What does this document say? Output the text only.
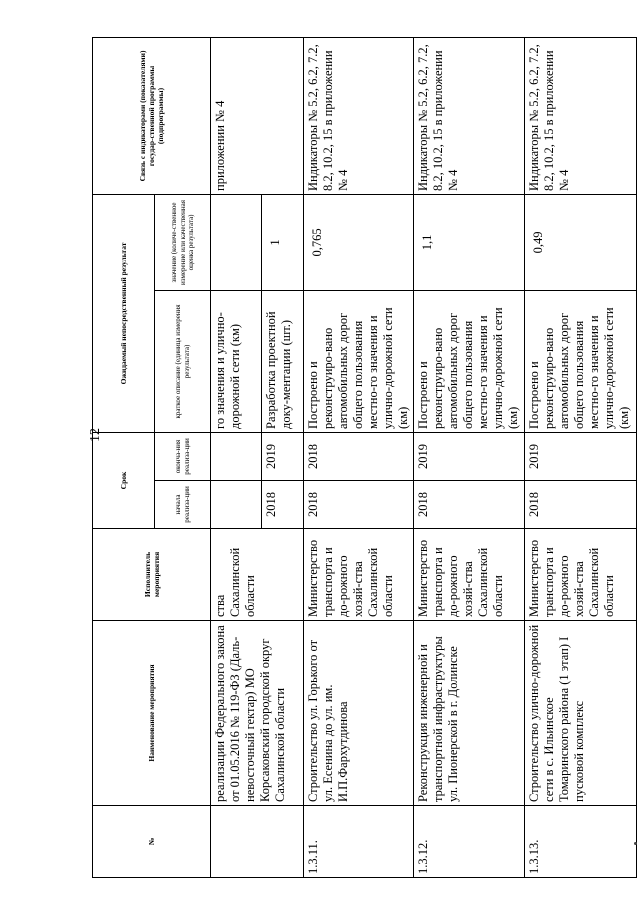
12
№	Наименование мероприятия	Исполнитель мероприятия	Срок		Ожидаемый непосредственный результат		Связь с индикаторами (показателями) государ-ственной программы (подпрограммы)
			начала реализа-ции	оконча-ния реализа-ции	краткое описание (единица измерения результата)	значение (количе-ственное измерение или качественная оценка результата)	
	реализации Федерального закона от 01.05.2016 № 119-ФЗ (Даль-невосточный гектар) МО Корсаковский городской округ Сахалинской области	ства Сахалинской области			го значения и улично-дорожной сети (км)		приложении № 4
			2018	2019	Разработка проектной доку-ментации (шт.)	1	
1.3.11.	Строительство ул. Горького от ул. Есенина до ул. им. И.П.Фархутдинова	Министерство транспорта и до-рожного хозяй-ства Сахалинской области	2018	2018	Построено и реконструиро-вано автомобильных дорог общего пользования местно-го значения и улично-дорожной сети (км)	0,765	Индикаторы № 5.2, 6.2, 7.2, 8.2, 10.2, 15 в приложении № 4
1.3.12.	Реконструкция инженерной и транспортной инфраструктуры ул. Пионерской в г. Долинске	Министерство транспорта и до-рожного хозяй-ства Сахалинской области	2018	2019	Построено и реконструиро-вано автомобильных дорог общего пользования местно-го значения и улично-дорожной сети (км)	1,1	Индикаторы № 5.2, 6.2, 7.2, 8.2, 10.2, 15 в приложении № 4
1.3.13.	Строительство улично-дорожной сети в с. Ильинское Томаринского района (1 этап) I пусковой комплекс	Министерство транспорта и до-рожного хозяй-ства Сахалинской области	2018	2019	Построено и реконструиро-вано автомобильных дорог общего пользования местно-го значения и улично-дорожной сети (км)	0,49	Индикаторы № 5.2, 6.2, 7.2, 8.2, 10.2, 15 в приложении № 4
